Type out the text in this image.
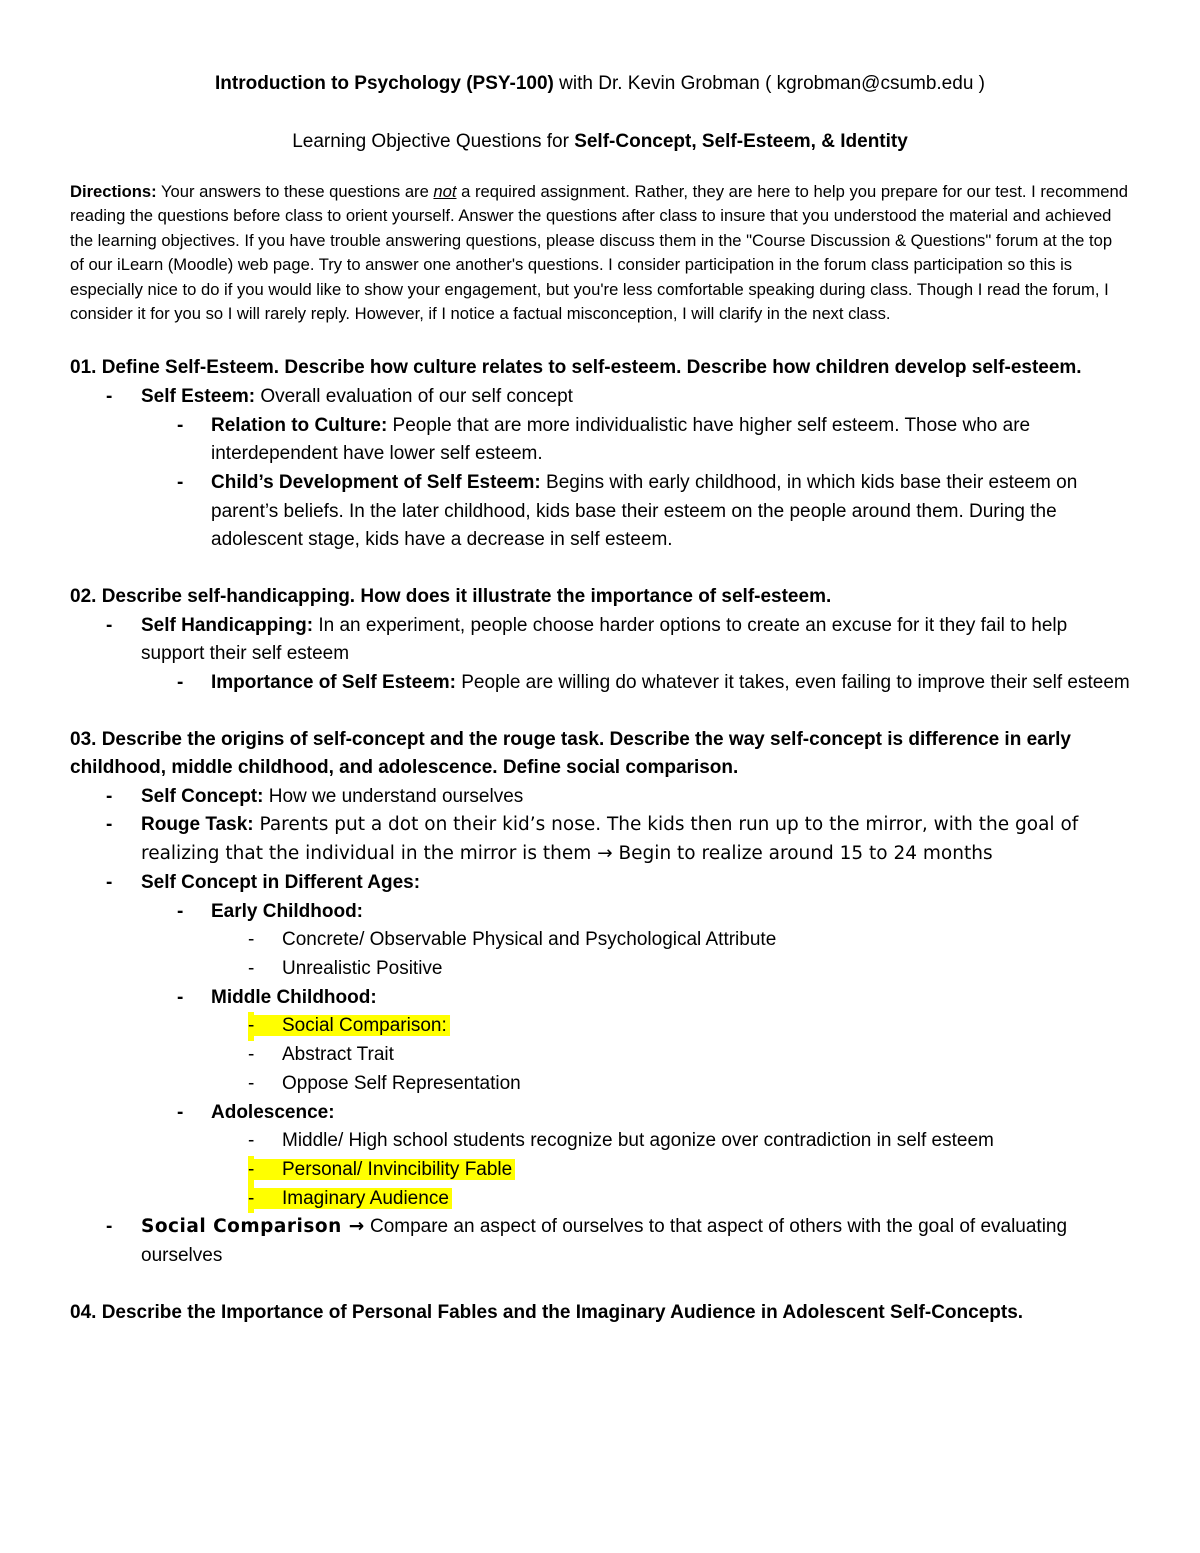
Introduction to Psychology (PSY-100) with Dr. Kevin Grobman ( kgrobman@csumb.edu )
Learning Objective Questions for Self-Concept, Self-Esteem, & Identity
Directions: Your answers to these questions are not a required assignment. Rather, they are here to help you prepare for our test. I recommend reading the questions before class to orient yourself. Answer the questions after class to insure that you understood the material and achieved the learning objectives. If you have trouble answering questions, please discuss them in the "Course Discussion & Questions" forum at the top of our iLearn (Moodle) web page. Try to answer one another's questions. I consider participation in the forum class participation so this is especially nice to do if you would like to show your engagement, but you're less comfortable speaking during class. Though I read the forum, I consider it for you so I will rarely reply. However, if I notice a factual misconception, I will clarify in the next class.
01. Define Self-Esteem. Describe how culture relates to self-esteem. Describe how children develop self-esteem.
- Self Esteem: Overall evaluation of our self concept
- Relation to Culture: People that are more individualistic have higher self esteem. Those who are interdependent have lower self esteem.
- Child’s Development of Self Esteem: Begins with early childhood, in which kids base their esteem on parent’s beliefs. In the later childhood, kids base their esteem on the people around them. During the adolescent stage, kids have a decrease in self esteem.
02. Describe self-handicapping. How does it illustrate the importance of self-esteem.
- Self Handicapping: In an experiment, people choose harder options to create an excuse for it they fail to help support their self esteem
- Importance of Self Esteem: People are willing do whatever it takes, even failing to improve their self esteem
03. Describe the origins of self-concept and the rouge task. Describe the way self-concept is difference in early childhood, middle childhood, and adolescence. Define social comparison.
- Self Concept: How we understand ourselves
- Rouge Task: Parents put a dot on their kid’s nose. The kids then run up to the mirror, with the goal of realizing that the individual in the mirror is them → Begin to realize around 15 to 24 months
- Self Concept in Different Ages:
- Early Childhood:
- Concrete/ Observable Physical and Psychological Attribute
- Unrealistic Positive
- Middle Childhood:
- Social Comparison:
- Abstract Trait
- Oppose Self Representation
- Adolescence:
- Middle/ High school students recognize but agonize over contradiction in self esteem
- Personal/ Invincibility Fable
- Imaginary Audience
- Social Comparison → Compare an aspect of ourselves to that aspect of others with the goal of evaluating ourselves
04. Describe the Importance of Personal Fables and the Imaginary Audience in Adolescent Self-Concepts.
